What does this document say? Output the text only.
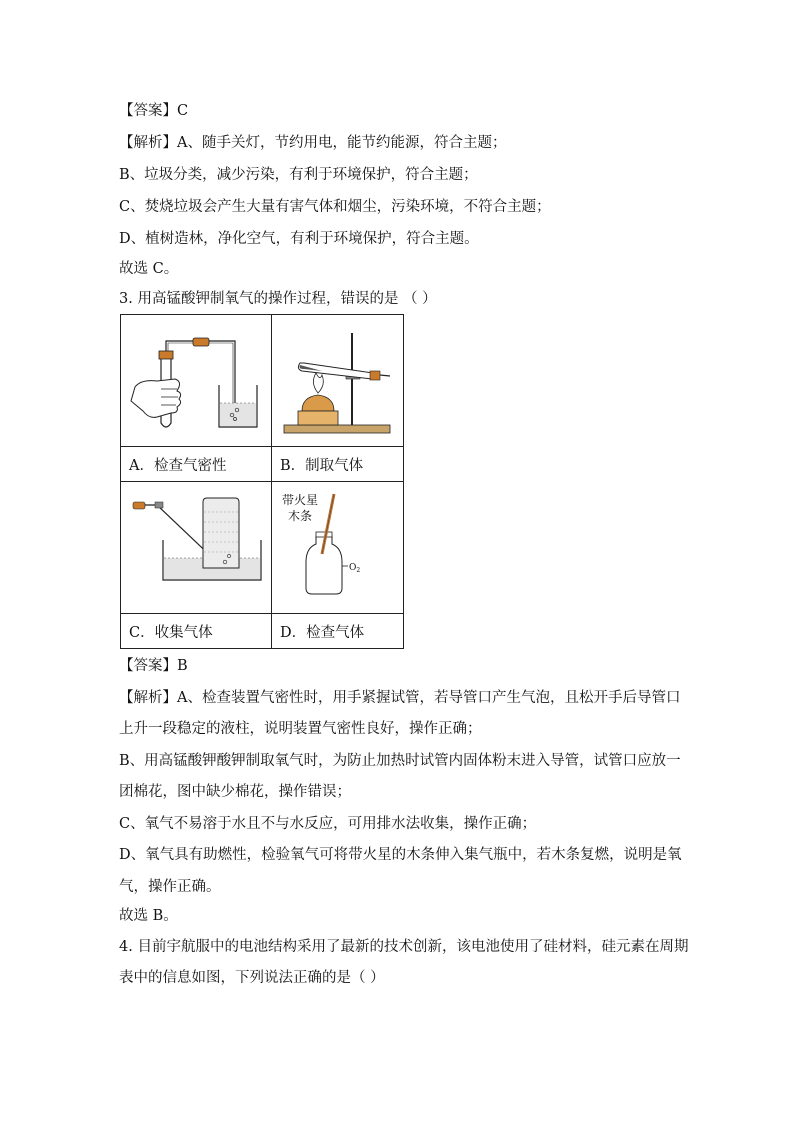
【答案】C
【解析】A、随手关灯，节约用电，能节约能源，符合主题；
B、垃圾分类，减少污染，有利于环境保护，符合主题；
C、焚烧垃圾会产生大量有害气体和烟尘，污染环境，不符合主题；
D、植树造林，净化空气，有利于环境保护，符合主题。
故选 C。
3. 用高锰酸钾制氧气的操作过程，错误的是 （ ）

A．检查气密性	B．制取气体

带火星
木条
$O_2$

C．收集气体	D．检查气体
【答案】B
【解析】A、检查装置气密性时，用手紧握试管，若导管口产生气泡，且松开手后导管口
上升一段稳定的液柱，说明装置气密性良好，操作正确；
B、用高锰酸钾酸钾制取氧气时，为防止加热时试管内固体粉末进入导管，试管口应放一
团棉花，图中缺少棉花，操作错误；
C、氧气不易溶于水且不与水反应，可用排水法收集，操作正确；
D、氧气具有助燃性，检验氧气可将带火星的木条伸入集气瓶中，若木条复燃，说明是氧
气，操作正确。
故选 B。
4. 目前宇航服中的电池结构采用了最新的技术创新，该电池使用了硅材料，硅元素在周期
表中的信息如图，下列说法正确的是（ ）
